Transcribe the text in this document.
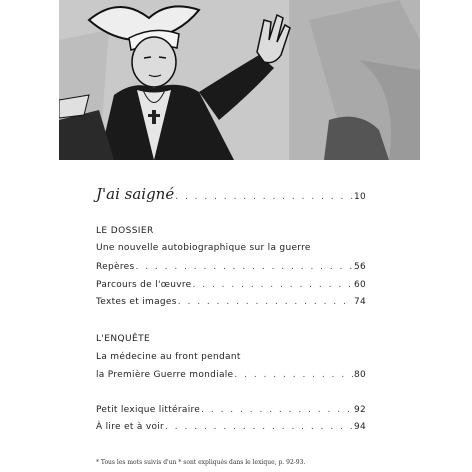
J'ai saigné . . .	10
LE DOSSIER
Une nouvelle autobiographique sur la guerre
Repères . . .	56
Parcours de l'œuvre . . .	60
Textes et images . . .	74
L'ENQUÊTE
La médecine au front pendant
la Première Guerre mondiale . . .	80
Petit lexique littéraire . . .	92
À lire et à voir . . .	94
* Tous les mots suivis d'un * sont expliqués dans le lexique, p. 92-93.
